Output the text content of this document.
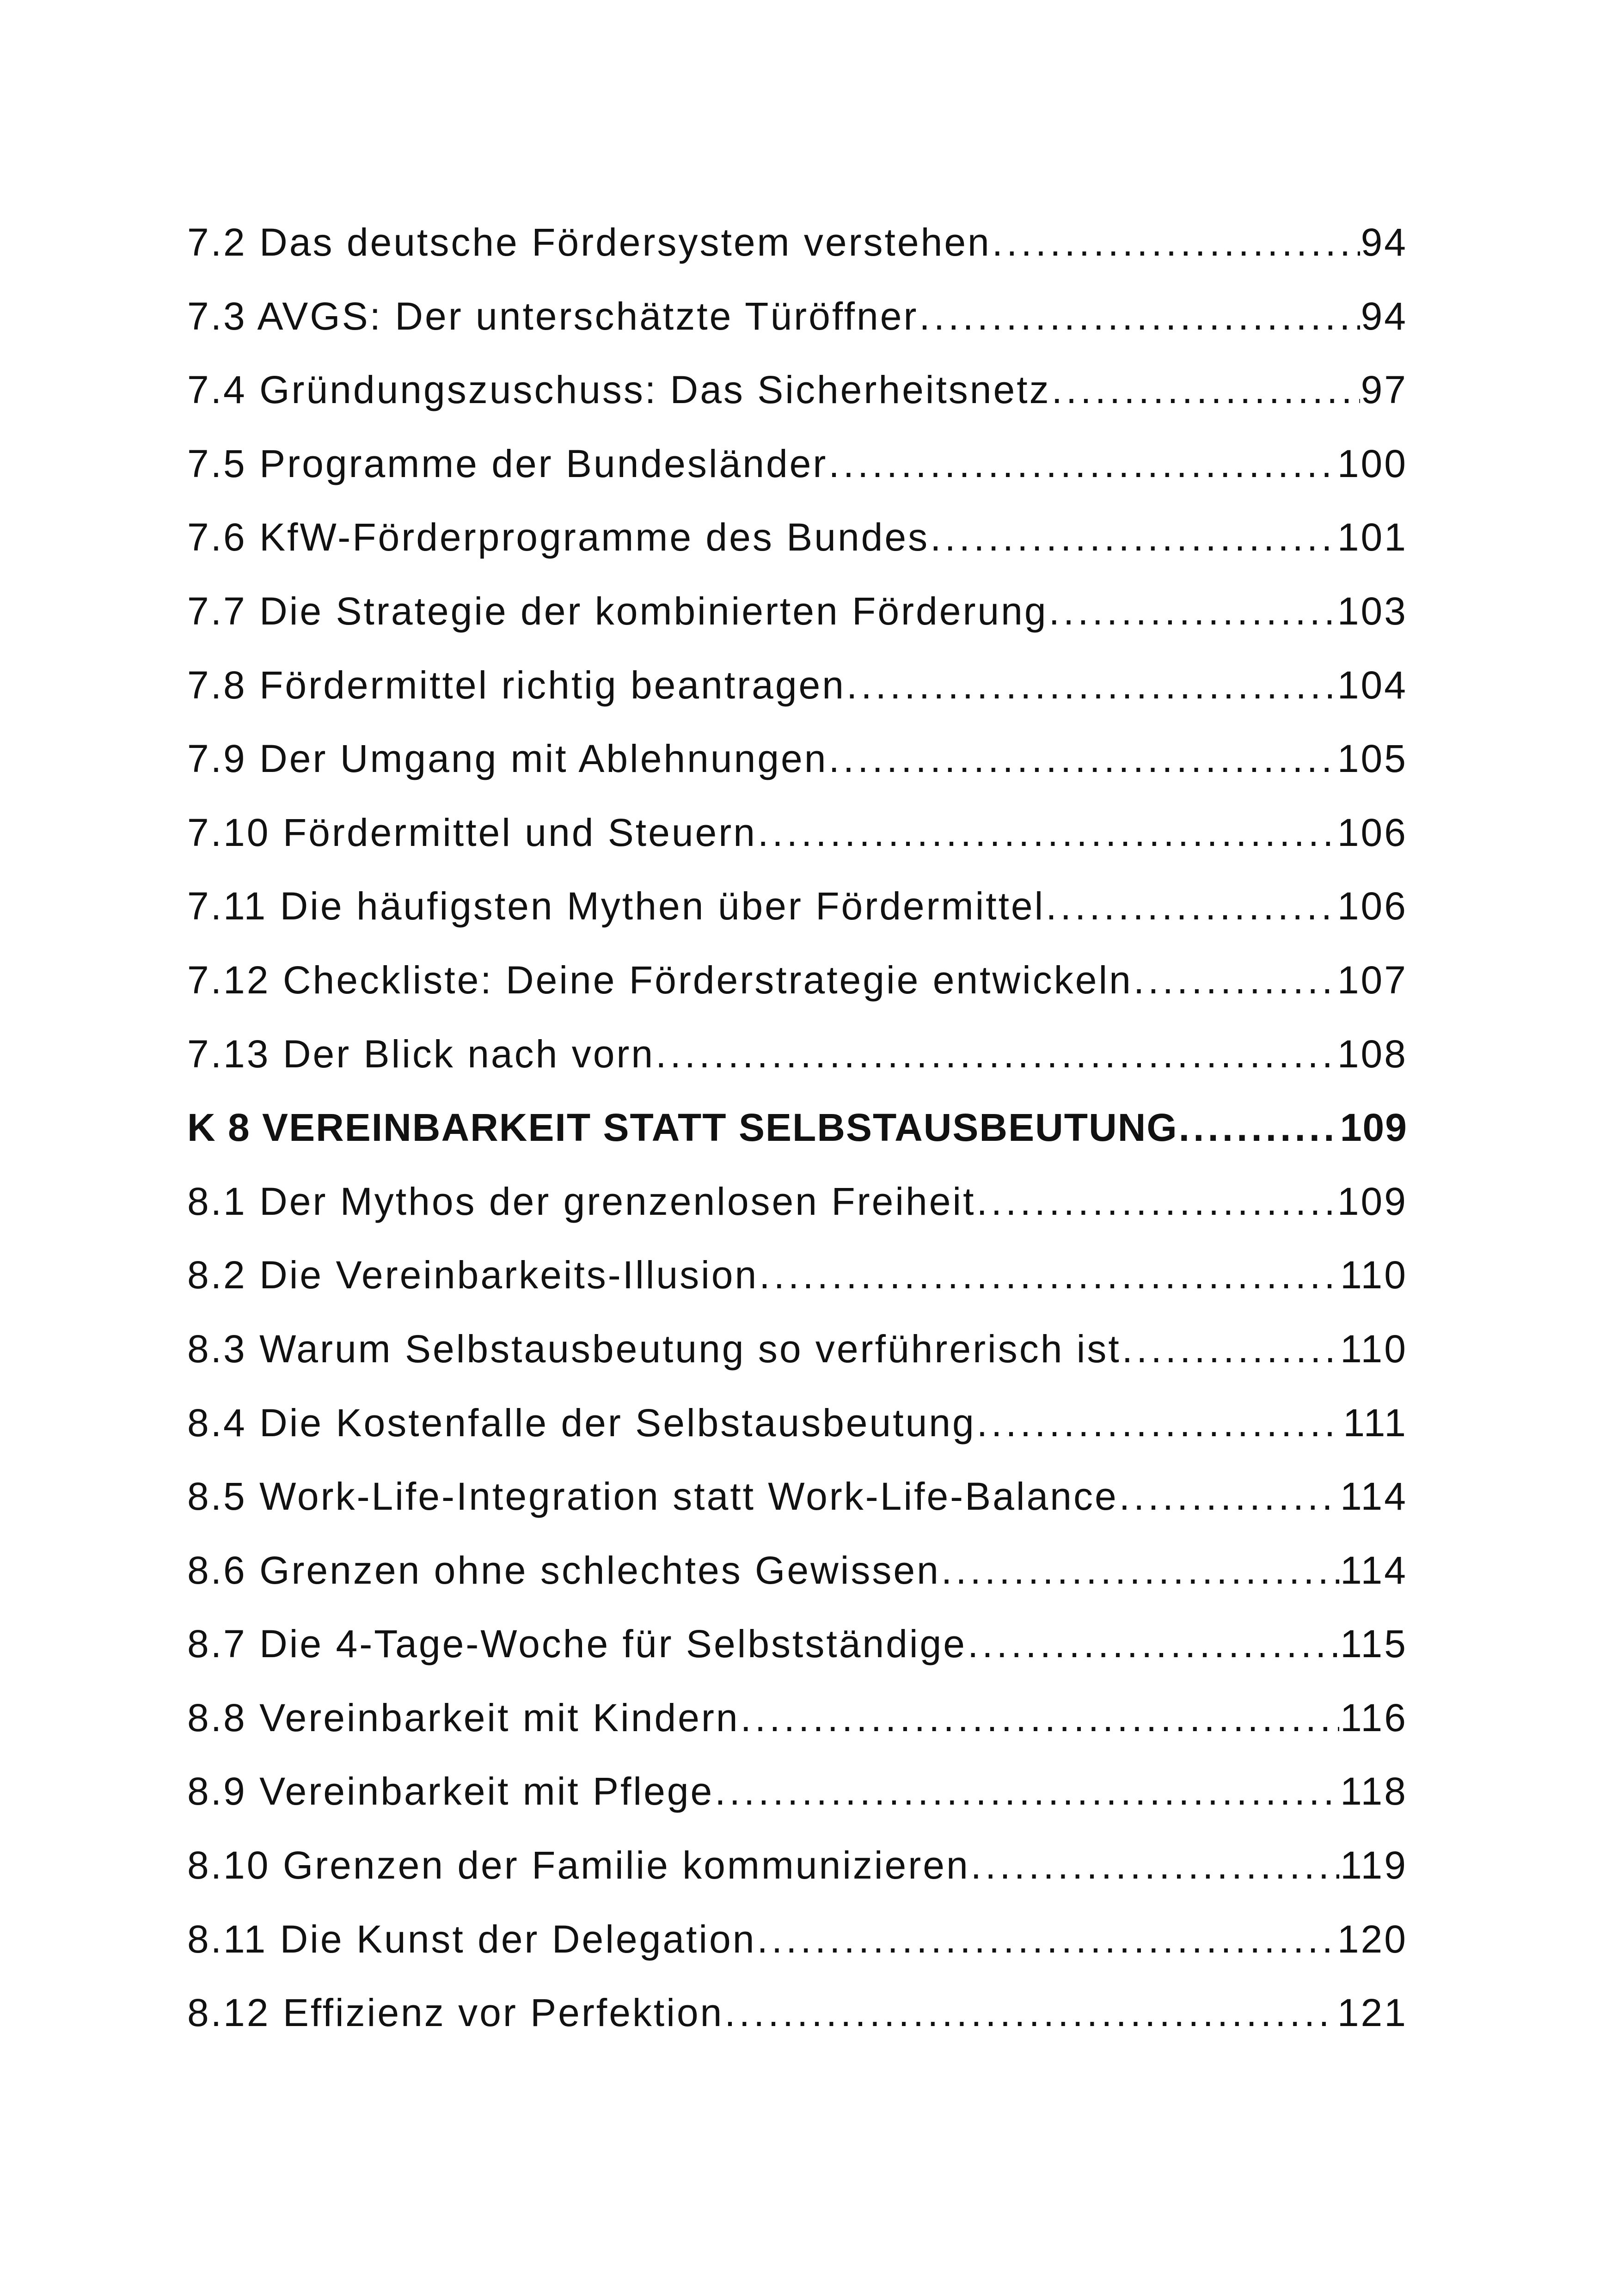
7.2 Das deutsche Fördersystem verstehen .....	94
7.3 AVGS: Der unterschätzte Türöffner .....	94
7.4 Gründungszuschuss: Das Sicherheitsnetz .....	97
7.5 Programme der Bundesländer .....	100
7.6 KfW-Förderprogramme des Bundes .....	101
7.7 Die Strategie der kombinierten Förderung .....	103
7.8 Fördermittel richtig beantragen .....	104
7.9 Der Umgang mit Ablehnungen .....	105
7.10 Fördermittel und Steuern .....	106
7.11 Die häufigsten Mythen über Fördermittel .....	106
7.12 Checkliste: Deine Förderstrategie entwickeln .....	107
7.13 Der Blick nach vorn .....	108
K 8 VEREINBARKEIT STATT SELBSTAUSBEUTUNG .....	109
8.1 Der Mythos der grenzenlosen Freiheit .....	109
8.2 Die Vereinbarkeits-Illusion .....	110
8.3 Warum Selbstausbeutung so verführerisch ist .....	110
8.4 Die Kostenfalle der Selbstausbeutung .....	111
8.5 Work-Life-Integration statt Work-Life-Balance .....	114
8.6 Grenzen ohne schlechtes Gewissen .....	114
8.7 Die 4-Tage-Woche für Selbstständige .....	115
8.8 Vereinbarkeit mit Kindern .....	116
8.9 Vereinbarkeit mit Pflege .....	118
8.10 Grenzen der Familie kommunizieren .....	119
8.11 Die Kunst der Delegation .....	120
8.12 Effizienz vor Perfektion .....	121
